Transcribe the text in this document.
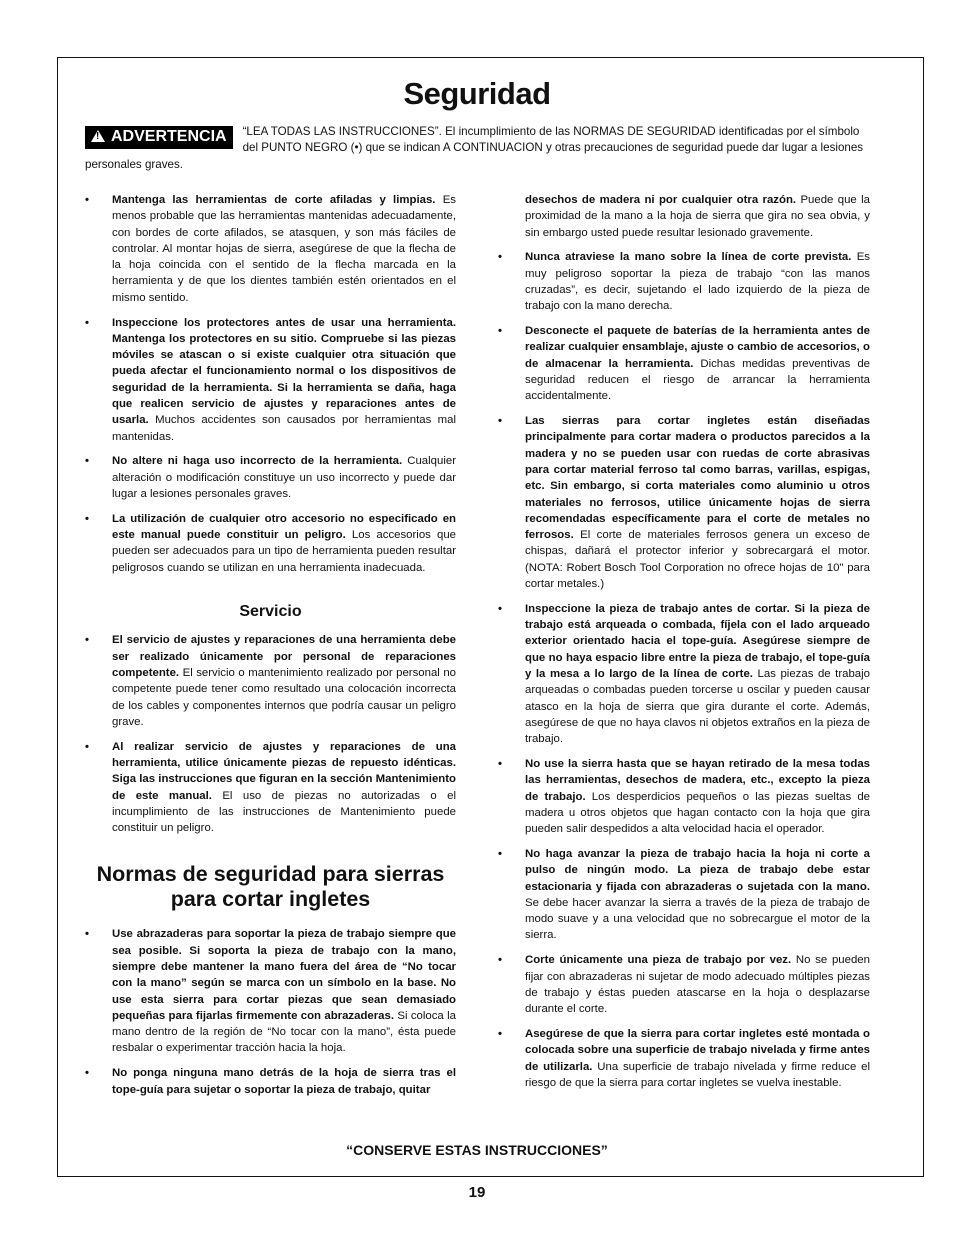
Seguridad
! ADVERTENCIA	“LEA TODAS LAS INSTRUCCIONES”. El incumplimiento de las NORMAS DE SEGURIDAD identificadas por el símbolo del PUNTO NEGRO (•) que se indican A CONTINUACION y otras precauciones de seguridad puede dar lugar a lesiones personales graves.
• Mantenga las herramientas de corte afiladas y limpias. Es menos probable que las herramientas mantenidas adecuadamente, con bordes de corte afilados, se atasquen, y son más fáciles de controlar. Al montar hojas de sierra, asegúrese de que la flecha de la hoja coincida con el sentido de la flecha marcada en la herramienta y de que los dientes también estén orientados en el mismo sentido.
• Inspeccione los protectores antes de usar una herramienta. Mantenga los protectores en su sitio. Compruebe si las piezas móviles se atascan o si existe cualquier otra situación que pueda afectar el funcionamiento normal o los dispositivos de seguridad de la herramienta. Si la herramienta se daña, haga que realicen servicio de ajustes y reparaciones antes de usarla. Muchos accidentes son causados por herramientas mal mantenidas.
• No altere ni haga uso incorrecto de la herramienta. Cualquier alteración o modificación constituye un uso incorrecto y puede dar lugar a lesiones personales graves.
• La utilización de cualquier otro accesorio no especificado en este manual puede constituir un peligro. Los accesorios que pueden ser adecuados para un tipo de herramienta pueden resultar peligrosos cuando se utilizan en una herramienta inadecuada.
Servicio
• El servicio de ajustes y reparaciones de una herramienta debe ser realizado únicamente por personal de reparaciones competente. El servicio o mantenimiento realizado por personal no competente puede tener como resultado una colocación incorrecta de los cables y componentes internos que podría causar un peligro grave.
• Al realizar servicio de ajustes y reparaciones de una herramienta, utilice únicamente piezas de repuesto idénticas. Siga las instrucciones que figuran en la sección Mantenimiento de este manual. El uso de piezas no autorizadas o el incumplimiento de las instrucciones de Mantenimiento puede constituir un peligro.
Normas de seguridad para sierras
para cortar ingletes
• Use abrazaderas para soportar la pieza de trabajo siempre que sea posible. Si soporta la pieza de trabajo con la mano, siempre debe mantener la mano fuera del área de “No tocar con la mano” según se marca con un símbolo en la base. No use esta sierra para cortar piezas que sean demasiado pequeñas para fijarlas firmemente con abrazaderas. Si coloca la mano dentro de la región de “No tocar con la mano”, ésta puede resbalar o experimentar tracción hacia la hoja.
• No ponga ninguna mano detrás de la hoja de sierra tras el tope-guía para sujetar o soportar la pieza de trabajo, quitar
desechos de madera ni por cualquier otra razón. Puede que la proximidad de la mano a la hoja de sierra que gira no sea obvia, y sin embargo usted puede resultar lesionado gravemente.
• Nunca atraviese la mano sobre la línea de corte prevista. Es muy peligroso soportar la pieza de trabajo “con las manos cruzadas”, es decir, sujetando el lado izquierdo de la pieza de trabajo con la mano derecha.
• Desconecte el paquete de baterías de la herramienta antes de realizar cualquier ensamblaje, ajuste o cambio de accesorios, o de almacenar la herramienta. Dichas medidas preventivas de seguridad reducen el riesgo de arrancar la herramienta accidentalmente.
• Las sierras para cortar ingletes están diseñadas principalmente para cortar madera o productos parecidos a la madera y no se pueden usar con ruedas de corte abrasivas para cortar material ferroso tal como barras, varillas, espigas, etc. Sin embargo, si corta materiales como aluminio u otros materiales no ferrosos, utilice únicamente hojas de sierra recomendadas específicamente para el corte de metales no ferrosos. El corte de materiales ferrosos genera un exceso de chispas, dañará el protector inferior y sobrecargará el motor. (NOTA: Robert Bosch Tool Corporation no ofrece hojas de 10" para cortar metales.)
• Inspeccione la pieza de trabajo antes de cortar. Si la pieza de trabajo está arqueada o combada, fíjela con el lado arqueado exterior orientado hacia el tope-guía. Asegúrese siempre de que no haya espacio libre entre la pieza de trabajo, el tope-guía y la mesa a lo largo de la línea de corte. Las piezas de trabajo arqueadas o combadas pueden torcerse u oscilar y pueden causar atasco en la hoja de sierra que gira durante el corte. Además, asegúrese de que no haya clavos ni objetos extraños en la pieza de trabajo.
• No use la sierra hasta que se hayan retirado de la mesa todas las herramientas, desechos de madera, etc., excepto la pieza de trabajo. Los desperdicios pequeños o las piezas sueltas de madera u otros objetos que hagan contacto con la hoja que gira pueden salir despedidos a alta velocidad hacia el operador.
• No haga avanzar la pieza de trabajo hacia la hoja ni corte a pulso de ningún modo. La pieza de trabajo debe estar estacionaria y fijada con abrazaderas o sujetada con la mano. Se debe hacer avanzar la sierra a través de la pieza de trabajo de modo suave y a una velocidad que no sobrecargue el motor de la sierra.
• Corte únicamente una pieza de trabajo por vez. No se pueden fijar con abrazaderas ni sujetar de modo adecuado múltiples piezas de trabajo y éstas pueden atascarse en la hoja o desplazarse durante el corte.
• Asegúrese de que la sierra para cortar ingletes esté montada o colocada sobre una superficie de trabajo nivelada y firme antes de utilizarla. Una superficie de trabajo nivelada y firme reduce el riesgo de que la sierra para cortar ingletes se vuelva inestable.
“CONSERVE ESTAS INSTRUCCIONES”
19
